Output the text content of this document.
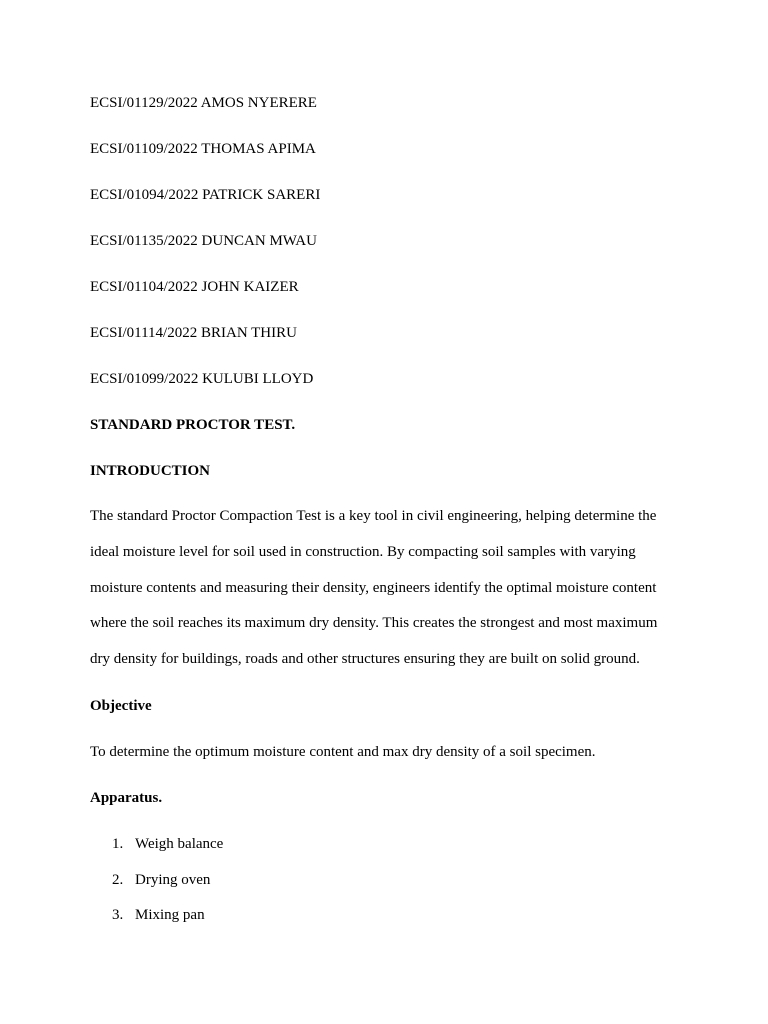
ECSI/01129/2022 AMOS NYERERE
ECSI/01109/2022 THOMAS APIMA
ECSI/01094/2022 PATRICK SARERI
ECSI/01135/2022 DUNCAN MWAU
ECSI/01104/2022 JOHN KAIZER
ECSI/01114/2022 BRIAN THIRU
ECSI/01099/2022 KULUBI LLOYD
STANDARD PROCTOR TEST.
INTRODUCTION
The standard Proctor Compaction Test is a key tool in civil engineering, helping determine the
ideal moisture level for soil used in construction. By compacting soil samples with varying
moisture contents and measuring their density, engineers identify the optimal moisture content
where the soil reaches its maximum dry density. This creates the strongest and most maximum
dry density for buildings, roads and other structures ensuring they are built on solid ground.
Objective
To determine the optimum moisture content and max dry density of a soil specimen.
Apparatus.
1. Weigh balance
2. Drying oven
3. Mixing pan
